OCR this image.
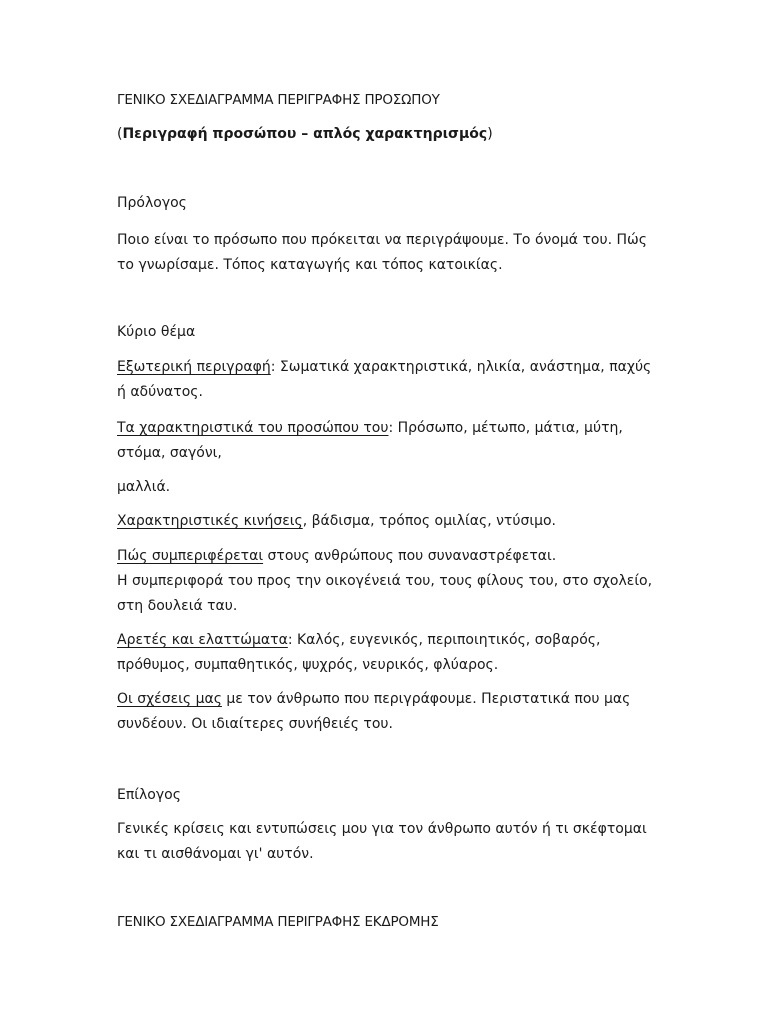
ΓΕΝΙΚΟ ΣΧΕΔΙΑΓΡΑΜΜΑ ΠΕΡΙΓΡΑΦΗΣ ΠΡΟΣΩΠΟΥ

(Περιγραφή προσώπου – απλός χαρακτηρισμός)

Πρόλογος

Ποιο είναι το πρόσωπο που πρόκειται να περιγράψουμε. Το όνομά του. Πώς το γνωρίσαμε. Τόπος καταγωγής και τόπος κατοικίας.

Κύριο θέμα

Εξωτερική περιγραφή: Σωματικά χαρακτηριστικά, ηλικία, ανάστημα, παχύς ή αδύνατος.

Τα χαρακτηριστικά του προσώπου του: Πρόσωπο, μέτωπο, μάτια, μύτη, στόμα, σαγόνι,

μαλλιά.

Χαρακτηριστικές κινήσεις, βάδισμα, τρόπος ομιλίας, ντύσιμο.

Πώς συμπεριφέρεται στους ανθρώπους που συναναστρέφεται.
Η συμπεριφορά του προς την οικογένειά του, τους φίλους του, στο σχολείο, στη δουλειά ταυ.

Αρετές και ελαττώματα: Καλός, ευγενικός, περιποιητικός, σοβαρός, πρόθυμος, συμπαθητικός, ψυχρός, νευρικός, φλύαρος.

Οι σχέσεις μας με τον άνθρωπο που περιγράφουμε. Περιστατικά που μας συνδέουν. Οι ιδιαίτερες συνήθειές του.

Επίλογος

Γενικές κρίσεις και εντυπώσεις μου για τον άνθρωπο αυτόν ή τι σκέφτομαι και τι αισθάνομαι γι' αυτόν.

ΓΕΝΙΚΟ ΣΧΕΔΙΑΓΡΑΜΜΑ ΠΕΡΙΓΡΑΦΗΣ ΕΚΔΡΟΜΗΣ
